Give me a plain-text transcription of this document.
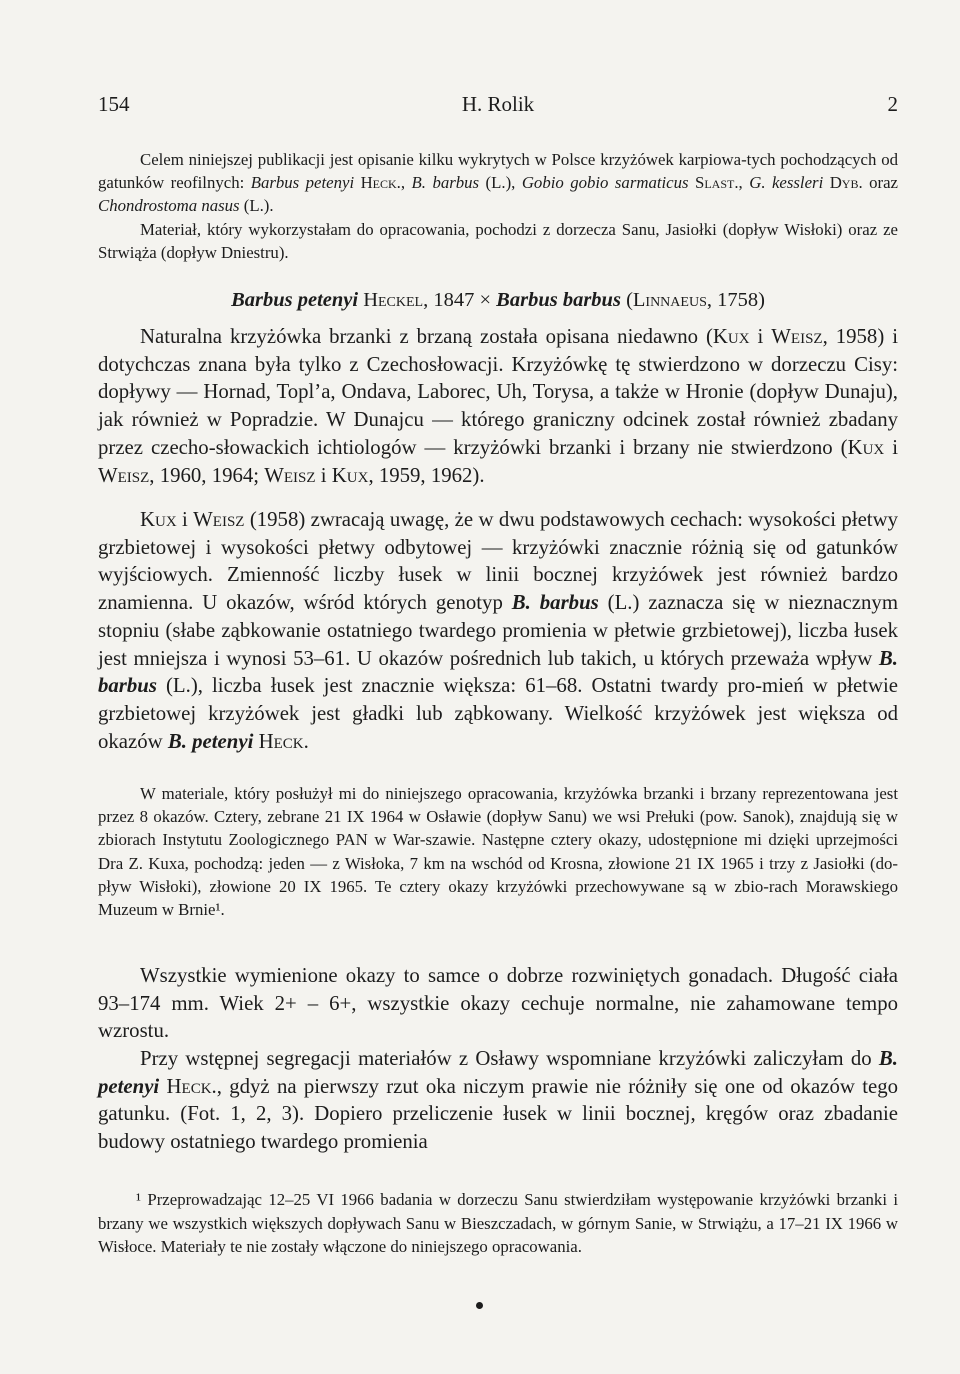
154	H. Rolik	2

Celem niniejszej publikacji jest opisanie kilku wykrytych w Polsce krzyżówek karpiowa-tych pochodzących od gatunków reofilnych: Barbus petenyi Heck., B. barbus (L.), Gobio gobio sarmaticus Slast., G. kessleri Dyb. oraz Chondrostoma nasus (L.).

Materiał, który wykorzystałam do opracowania, pochodzi z dorzecza Sanu, Jasiołki (dopływ Wisłoki) oraz ze Strwiąża (dopływ Dniestru).

Barbus petenyi Heckel, 1847 × Barbus barbus (Linnaeus, 1758)

Naturalna krzyżówka brzanki z brzaną została opisana niedawno (Kux i Weisz, 1958) i dotychczas znana była tylko z Czechosłowacji. Krzyżówkę tę stwierdzono w dorzeczu Cisy: dopływy — Hornad, Topl’a, Ondava, Laborec, Uh, Torysa, a także w Hronie (dopływ Dunaju), jak również w Popradzie. W Dunajcu — którego graniczny odcinek został również zbadany przez czecho-słowackich ichtiologów — krzyżówki brzanki i brzany nie stwierdzono (Kux i Weisz, 1960, 1964; Weisz i Kux, 1959, 1962).

Kux i Weisz (1958) zwracają uwagę, że w dwu podstawowych cechach: wysokości płetwy grzbietowej i wysokości płetwy odbytowej — krzyżówki znacznie różnią się od gatunków wyjściowych. Zmienność liczby łusek w linii bocznej krzyżówek jest również bardzo znamienna. U okazów, wśród których genotyp B. barbus (L.) zaznacza się w nieznacznym stopniu (słabe ząbkowanie ostatniego twardego promienia w płetwie grzbietowej), liczba łusek jest mniejsza i wynosi 53–61. U okazów pośrednich lub takich, u których przeważa wpływ B. barbus (L.), liczba łusek jest znacznie większa: 61–68. Ostatni twardy pro-mień w płetwie grzbietowej krzyżówek jest gładki lub ząbkowany. Wielkość krzyżówek jest większa od okazów B. petenyi Heck.

W materiale, który posłużył mi do niniejszego opracowania, krzyżówka brzanki i brzany reprezentowana jest przez 8 okazów. Cztery, zebrane 21 IX 1964 w Osławie (dopływ Sanu) we wsi Prełuki (pow. Sanok), znajdują się w zbiorach Instytutu Zoologicznego PAN w War-szawie. Następne cztery okazy, udostępnione mi dzięki uprzejmości Dra Z. Kuxa, pochodzą: jeden — z Wisłoka, 7 km na wschód od Krosna, złowione 21 IX 1965 i trzy z Jasiołki (do-pływ Wisłoki), złowione 20 IX 1965. Te cztery okazy krzyżówki przechowywane są w zbio-rach Morawskiego Muzeum w Brnie¹.

Wszystkie wymienione okazy to samce o dobrze rozwiniętych gonadach. Długość ciała 93–174 mm. Wiek 2+ – 6+, wszystkie okazy cechuje normalne, nie zahamowane tempo wzrostu.

Przy wstępnej segregacji materiałów z Osławy wspomniane krzyżówki zaliczyłam do B. petenyi Heck., gdyż na pierwszy rzut oka niczym prawie nie różniły się one od okazów tego gatunku. (Fot. 1, 2, 3). Dopiero przeliczenie łusek w linii bocznej, kręgów oraz zbadanie budowy ostatniego twardego promienia

¹ Przeprowadzając 12–25 VI 1966 badania w dorzeczu Sanu stwierdziłam występowanie krzyżówki brzanki i brzany we wszystkich większych dopływach Sanu w Bieszczadach, w górnym Sanie, w Strwiążu, a 17–21 IX 1966 w Wisłoce. Materiały te nie zostały włączone do niniejszego opracowania.
